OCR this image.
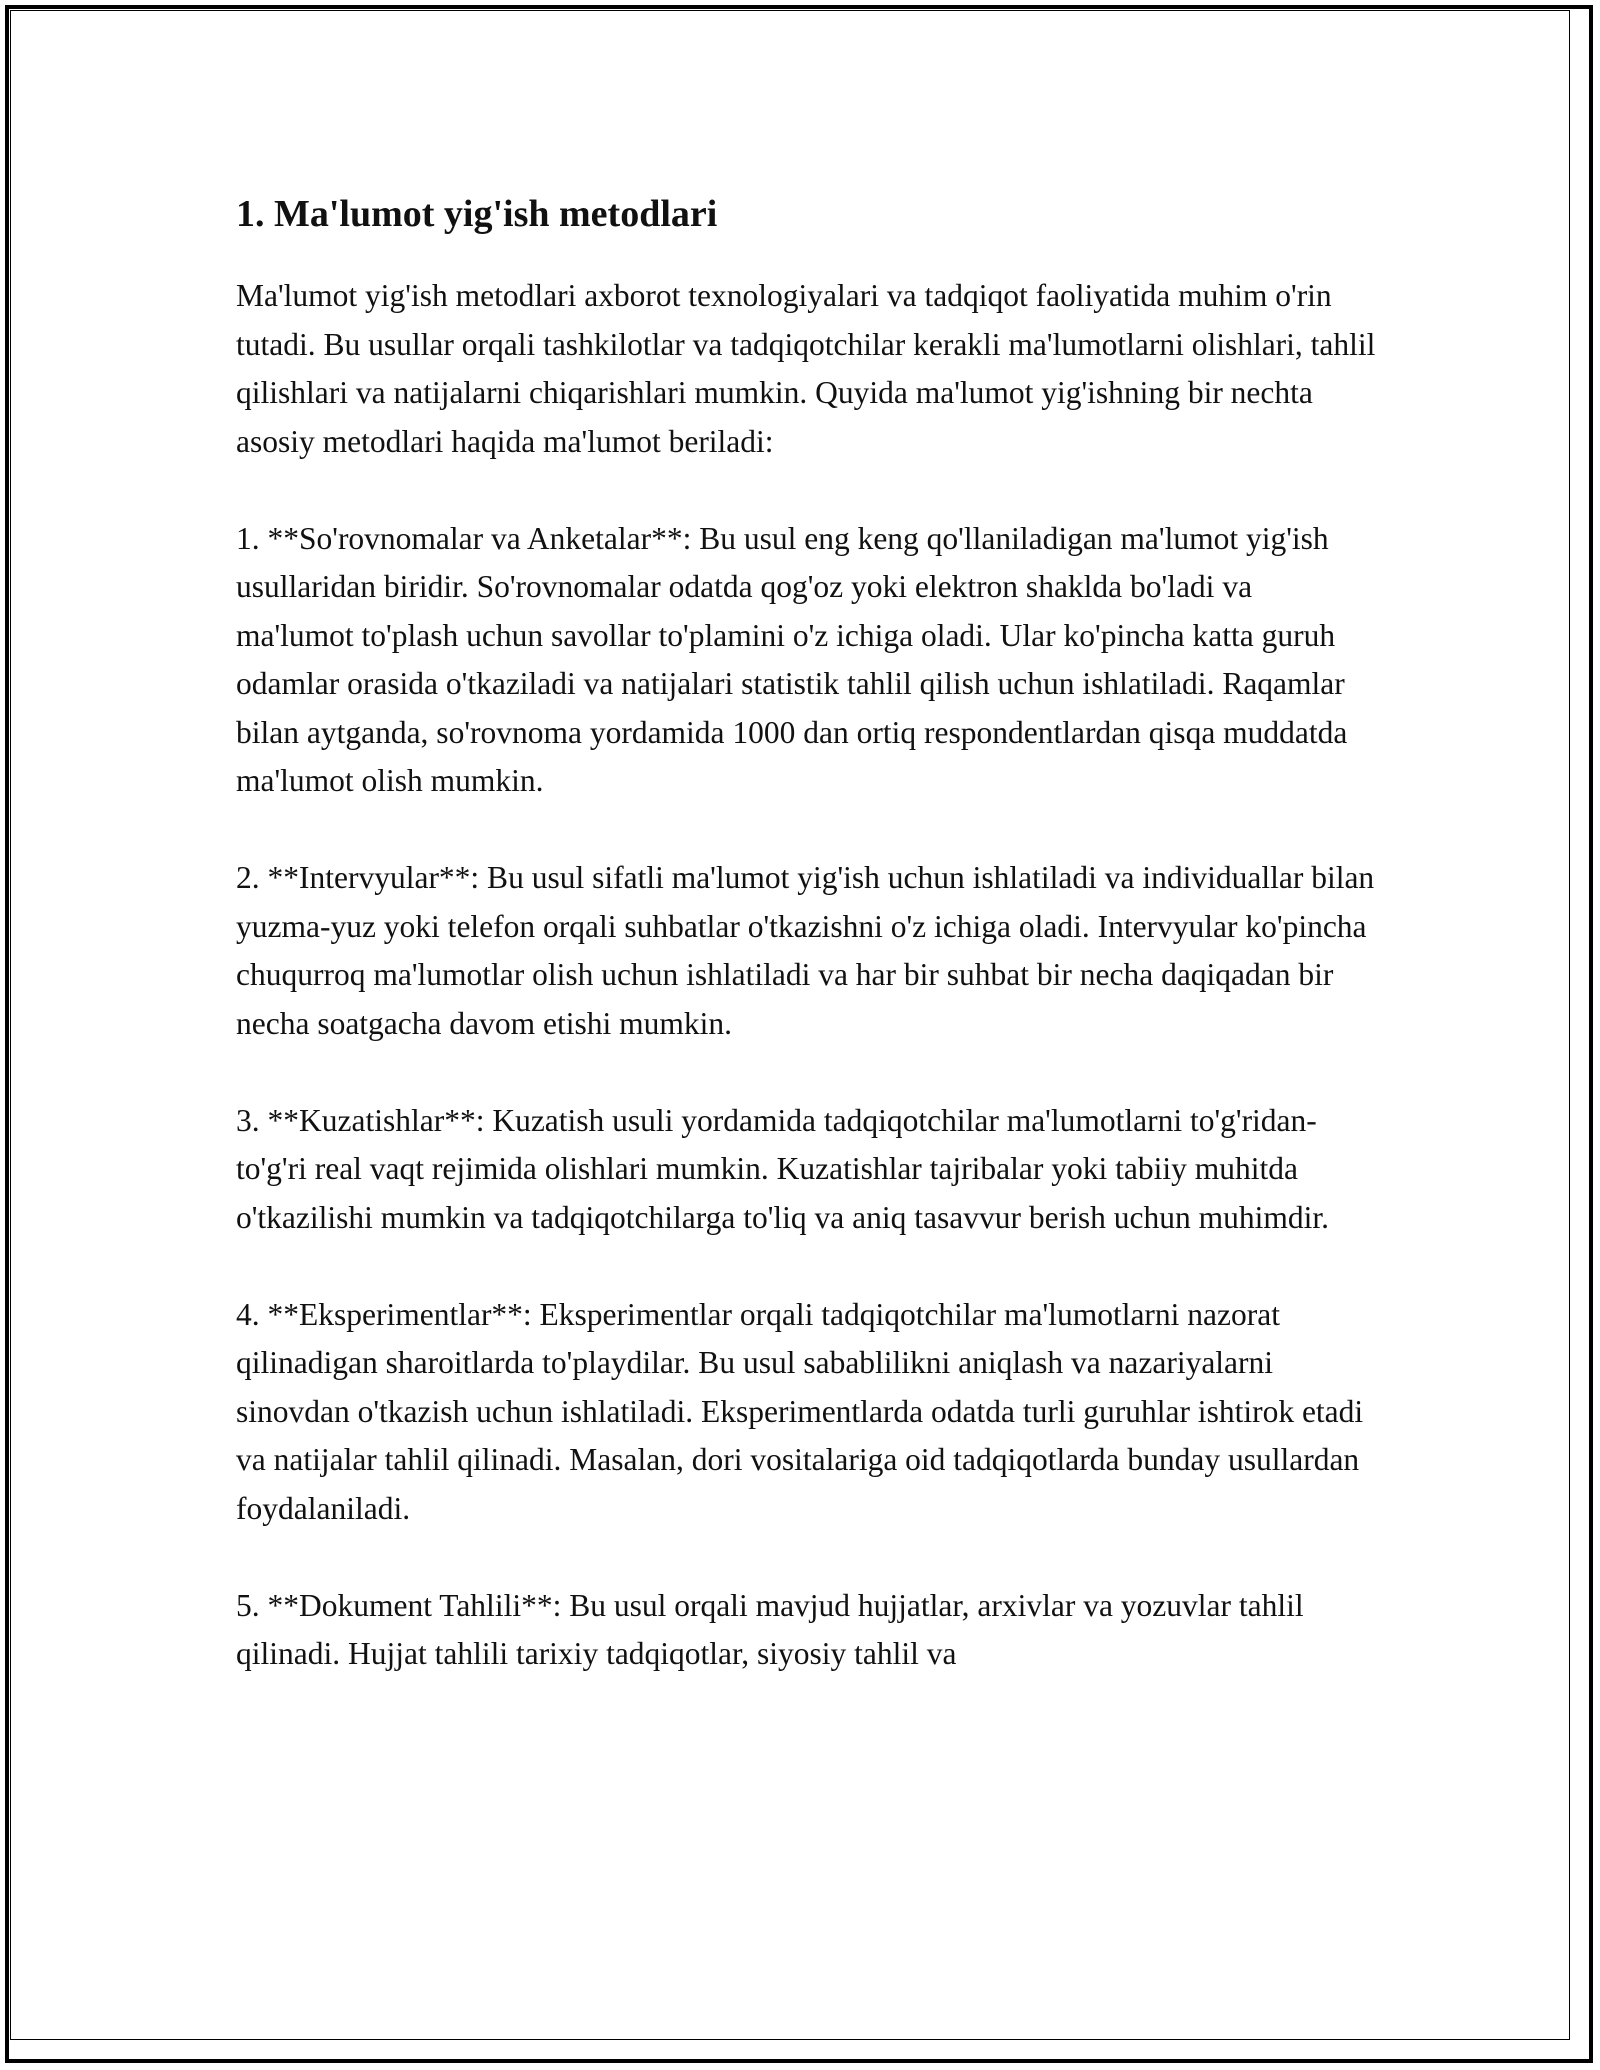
1. Ma'lumot yig'ish metodlari

Ma'lumot yig'ish metodlari axborot texnologiyalari va tadqiqot faoliyatida muhim o'rin tutadi. Bu usullar orqali tashkilotlar va tadqiqotchilar kerakli ma'lumotlarni olishlari, tahlil qilishlari va natijalarni chiqarishlari mumkin. Quyida ma'lumot yig'ishning bir nechta asosiy metodlari haqida ma'lumot beriladi:

1. **So'rovnomalar va Anketalar**: Bu usul eng keng qo'llaniladigan ma'lumot yig'ish usullaridan biridir. So'rovnomalar odatda qog'oz yoki elektron shaklda bo'ladi va ma'lumot to'plash uchun savollar to'plamini o'z ichiga oladi. Ular ko'pincha katta guruh odamlar orasida o'tkaziladi va natijalari statistik tahlil qilish uchun ishlatiladi. Raqamlar bilan aytganda, so'rovnoma yordamida 1000 dan ortiq respondentlardan qisqa muddatda ma'lumot olish mumkin.

2. **Intervyular**: Bu usul sifatli ma'lumot yig'ish uchun ishlatiladi va individuallar bilan yuzma-yuz yoki telefon orqali suhbatlar o'tkazishni o'z ichiga oladi. Intervyular ko'pincha chuqurroq ma'lumotlar olish uchun ishlatiladi va har bir suhbat bir necha daqiqadan bir necha soatgacha davom etishi mumkin.

3. **Kuzatishlar**: Kuzatish usuli yordamida tadqiqotchilar ma'lumotlarni to'g'ridan-to'g'ri real vaqt rejimida olishlari mumkin. Kuzatishlar tajribalar yoki tabiiy muhitda o'tkazilishi mumkin va tadqiqotchilarga to'liq va aniq tasavvur berish uchun muhimdir.

4. **Eksperimentlar**: Eksperimentlar orqali tadqiqotchilar ma'lumotlarni nazorat qilinadigan sharoitlarda to'playdilar. Bu usul sabablilikni aniqlash va nazariyalarni sinovdan o'tkazish uchun ishlatiladi. Eksperimentlarda odatda turli guruhlar ishtirok etadi va natijalar tahlil qilinadi. Masalan, dori vositalariga oid tadqiqotlarda bunday usullardan foydalaniladi.

5. **Dokument Tahlili**: Bu usul orqali mavjud hujjatlar, arxivlar va yozuvlar tahlil qilinadi. Hujjat tahlili tarixiy tadqiqotlar, siyosiy tahlil va
